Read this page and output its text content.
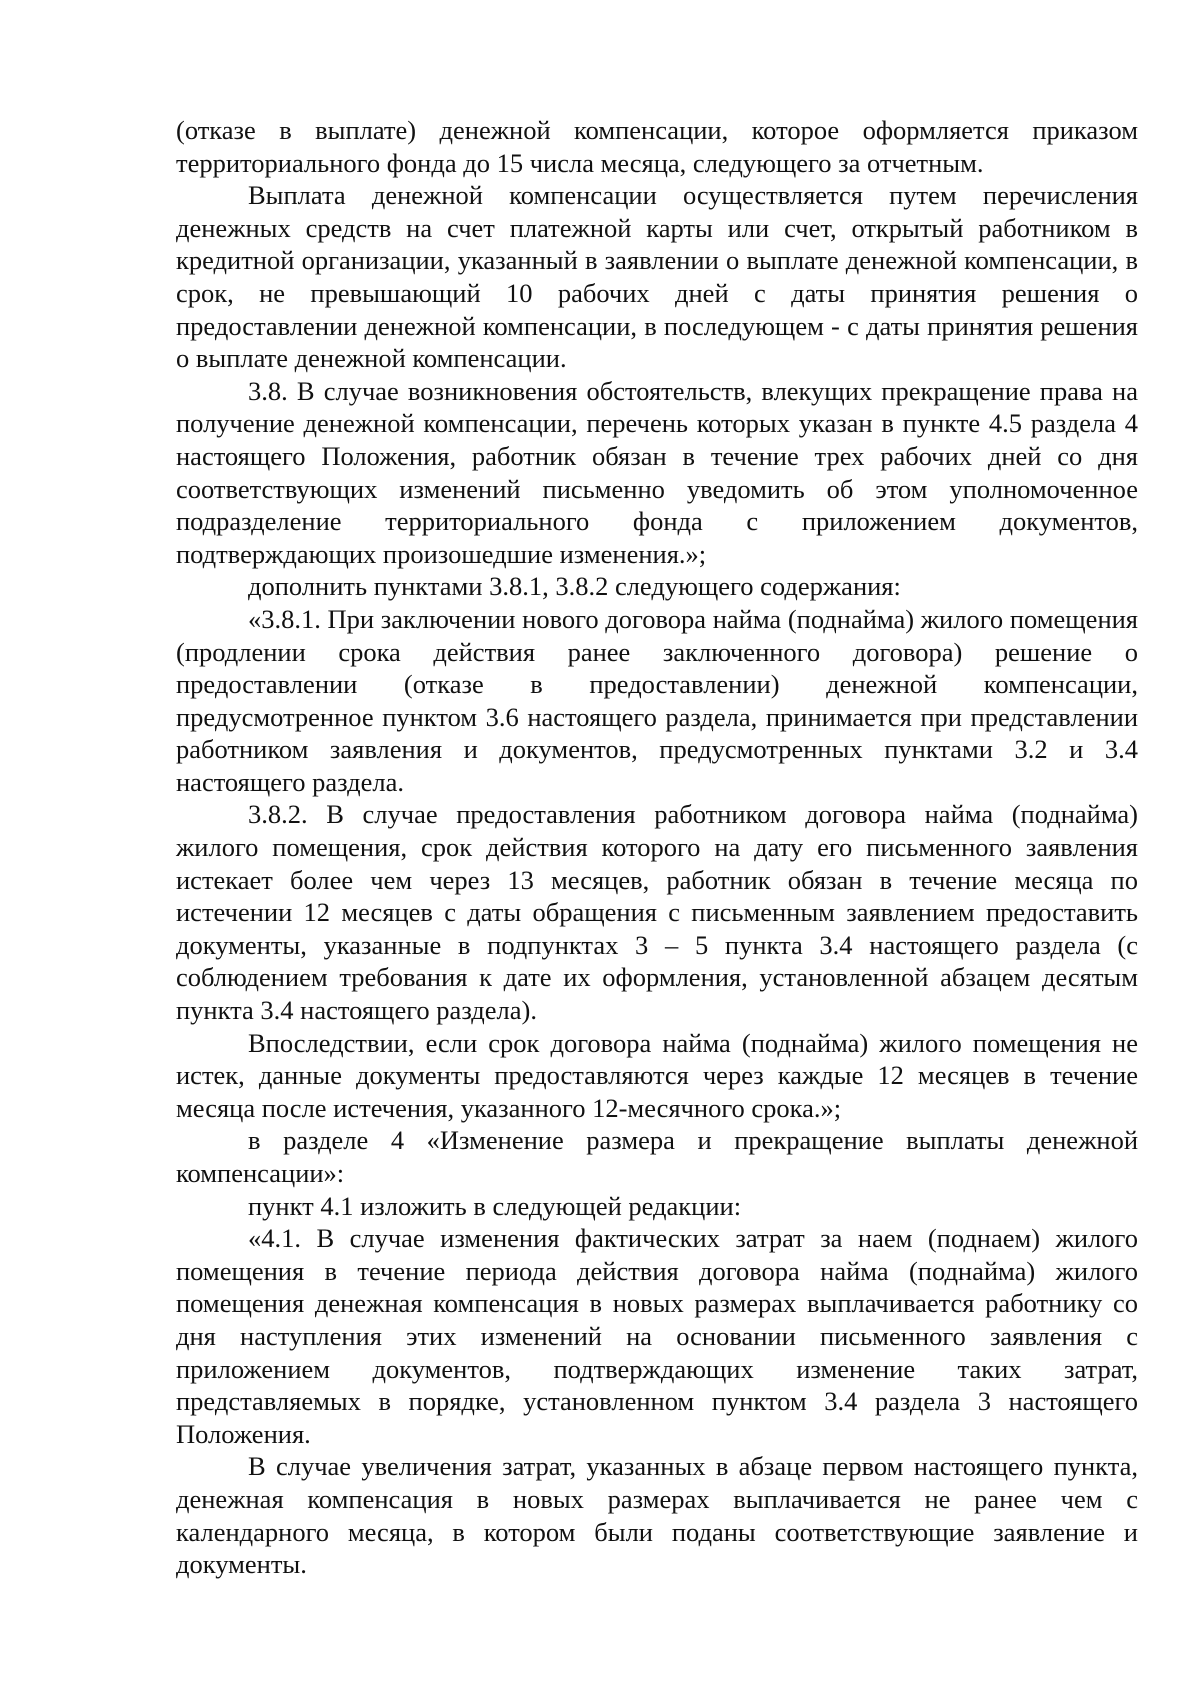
(отказе в выплате) денежной компенсации, которое оформляется приказом территориального фонда до 15 числа месяца, следующего за отчетным.

Выплата денежной компенсации осуществляется путем перечисления денежных средств на счет платежной карты или счет, открытый работником в кредитной организации, указанный в заявлении о выплате денежной компенсации, в срок, не превышающий 10 рабочих дней с даты принятия решения о предоставлении денежной компенсации, в последующем - с даты принятия решения о выплате денежной компенсации.

3.8. В случае возникновения обстоятельств, влекущих прекращение права на получение денежной компенсации, перечень которых указан в пункте 4.5 раздела 4 настоящего Положения, работник обязан в течение трех рабочих дней со дня соответствующих изменений письменно уведомить об этом уполномоченное подразделение территориального фонда с приложением документов, подтверждающих произошедшие изменения.»;

дополнить пунктами 3.8.1, 3.8.2 следующего содержания:

«3.8.1. При заключении нового договора найма (поднайма) жилого помещения (продлении срока действия ранее заключенного договора) решение о предоставлении (отказе в предоставлении) денежной компенсации, предусмотренное пунктом 3.6 настоящего раздела, принимается при представлении работником заявления и документов, предусмотренных пунктами 3.2 и 3.4 настоящего раздела.

3.8.2. В случае предоставления работником договора найма (поднайма) жилого помещения, срок действия которого на дату его письменного заявления истекает более чем через 13 месяцев, работник обязан в течение месяца по истечении 12 месяцев с даты обращения с письменным заявлением предоставить документы, указанные в подпунктах 3 – 5 пункта 3.4 настоящего раздела (с соблюдением требования к дате их оформления, установленной абзацем десятым пункта 3.4 настоящего раздела).

Впоследствии, если срок договора найма (поднайма) жилого помещения не истек, данные документы предоставляются через каждые 12 месяцев в течение месяца после истечения, указанного 12-месячного срока.»;

в разделе 4 «Изменение размера и прекращение выплаты денежной компенсации»:

пункт 4.1 изложить в следующей редакции:

«4.1. В случае изменения фактических затрат за наем (поднаем) жилого помещения в течение периода действия договора найма (поднайма) жилого помещения денежная компенсация в новых размерах выплачивается работнику со дня наступления этих изменений на основании письменного заявления с приложением документов, подтверждающих изменение таких затрат, представляемых в порядке, установленном пунктом 3.4 раздела 3 настоящего Положения.

В случае увеличения затрат, указанных в абзаце первом настоящего пункта, денежная компенсация в новых размерах выплачивается не ранее чем с календарного месяца, в котором были поданы соответствующие заявление и документы.
